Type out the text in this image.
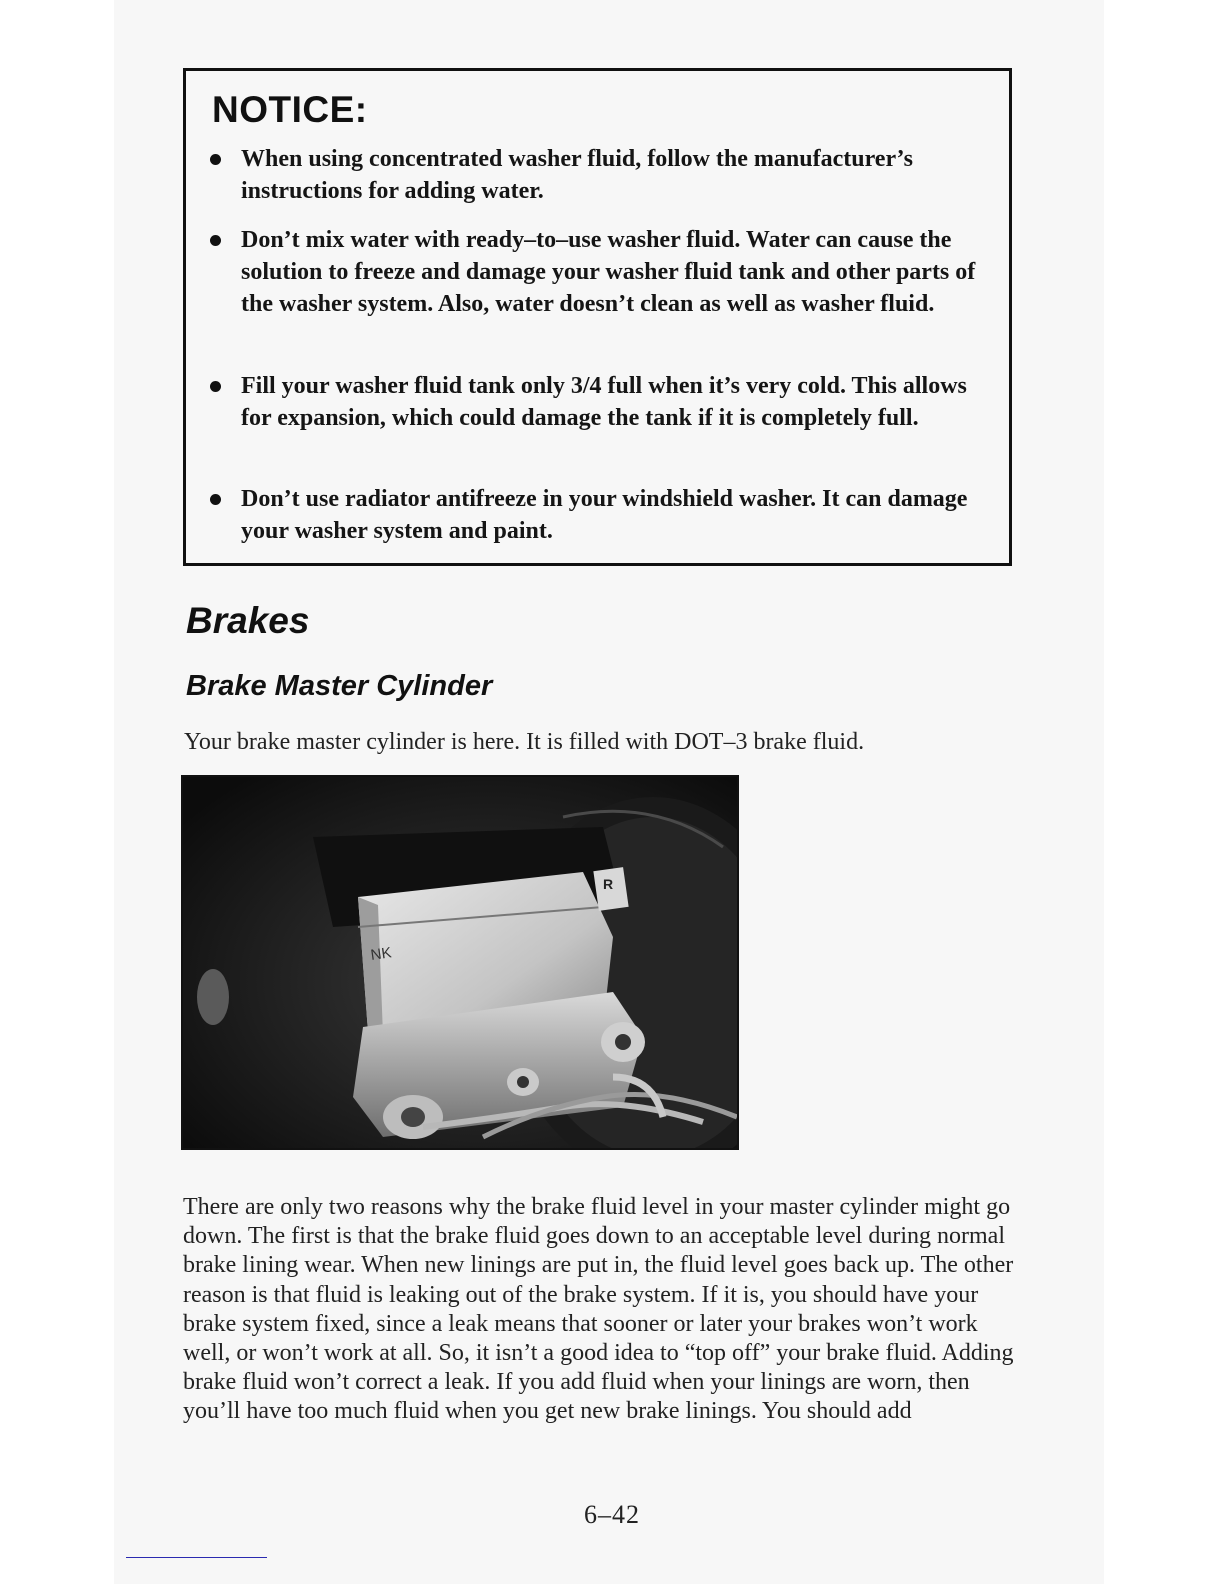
NOTICE:
When using concentrated washer fluid, follow the manufacturer’s instructions for adding water.
Don’t mix water with ready–to–use washer fluid. Water can cause the solution to freeze and damage your washer fluid tank and other parts of the washer system. Also, water doesn’t clean as well as washer fluid.
Fill your washer fluid tank only 3/4 full when it’s very cold. This allows for expansion, which could damage the tank if it is completely full.
Don’t use radiator antifreeze in your windshield washer. It can damage your washer system and paint.
Brakes
Brake Master Cylinder
Your brake master cylinder is here. It is filled with DOT–3 brake fluid.
R
NK
There are only two reasons why the brake fluid level in your master cylinder might go down. The first is that the brake fluid goes down to an acceptable level during normal brake lining wear. When new linings are put in, the fluid level goes back up. The other reason is that fluid is leaking out of the brake system. If it is, you should have your brake system fixed, since a leak means that sooner or later your brakes won’t work well, or won’t work at all. So, it isn’t a good idea to “top off” your brake fluid. Adding brake fluid won’t correct a leak. If you add fluid when your linings are worn, then you’ll have too much fluid when you get new brake linings. You should add
6–42
